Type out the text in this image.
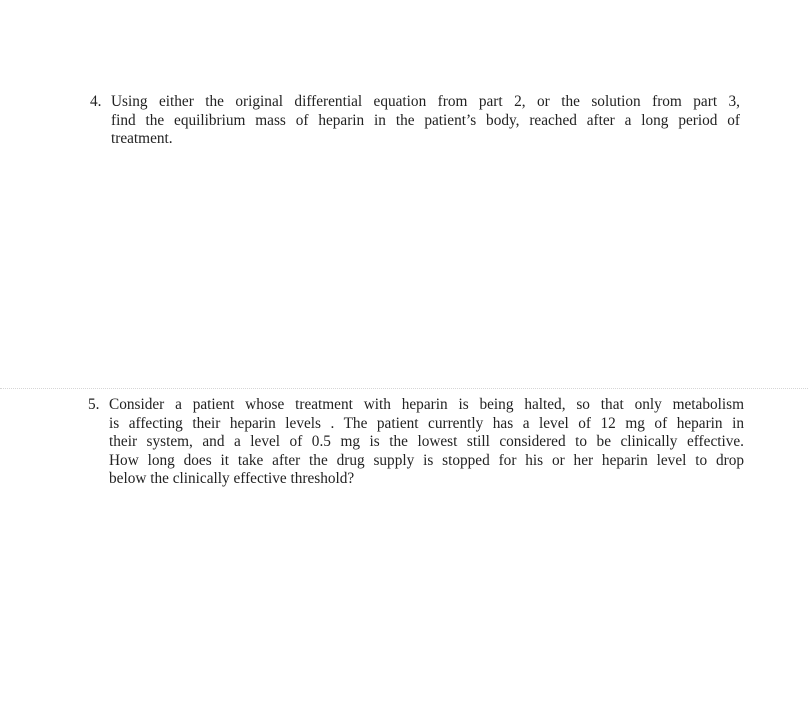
4. Using either the original differential equation from part 2, or the solution from part 3,
find the equilibrium mass of heparin in the patient’s body, reached after a long period of
treatment.
5. Consider a patient whose treatment with heparin is being halted, so that only metabolism
is affecting their heparin levels . The patient currently has a level of 12 mg of heparin in
their system, and a level of 0.5 mg is the lowest still considered to be clinically effective.
How long does it take after the drug supply is stopped for his or her heparin level to drop
below the clinically effective threshold?
